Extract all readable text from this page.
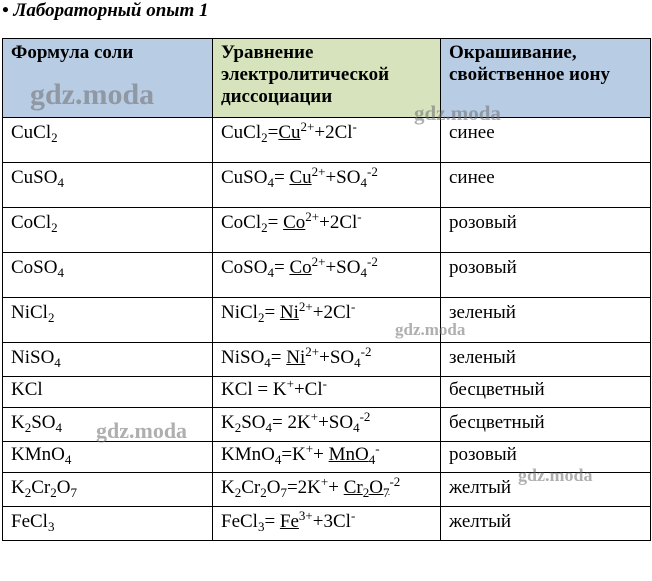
• Лабораторный опыт 1
Формула соли	Уравнение электролитической диссоциации	Окрашивание, свойственное иону
CuCl$_2$	$CuCl_2=Cu^{2+}+2Cl^-$	синее
CuSO$_4$	CuSO$_4$= $Cu^{2+}+SO_4^{-2}$	синее
CoCl$_2$	CoCl$_2$= $Co^{2+}+2Cl^-$	розовый
CoSO$_4$	CoSO$_4$= $Co^{2+}+SO_4^{-2}$	розовый
NiCl$_2$	NiCl$_2$= $Ni^{2+}+2Cl^-$	зеленый
NiSO$_4$	NiSO$_4$= $Ni^{2+}+SO_4^{-2}$	зеленый
KCl	KCl = K++Cl-	бесцветный
$K_2SO_4$	$K_2SO_4= 2K^++SO_4^{-2}$	бесцветный
KMnO$_4$	KMnO$_4$=K++ MnO$_4$-	розовый
$K_2Cr_2O_7$	$K_2Cr_2O_7=2K^++ Cr_2O_7^{-2}$	желтый
FeCl$_3$	FeCl$_3$= $Fe^{3+}+3Cl^-$	желтый
gdz.moda
gdz.moda
gdz.moda
gdz.moda
gdz.moda
